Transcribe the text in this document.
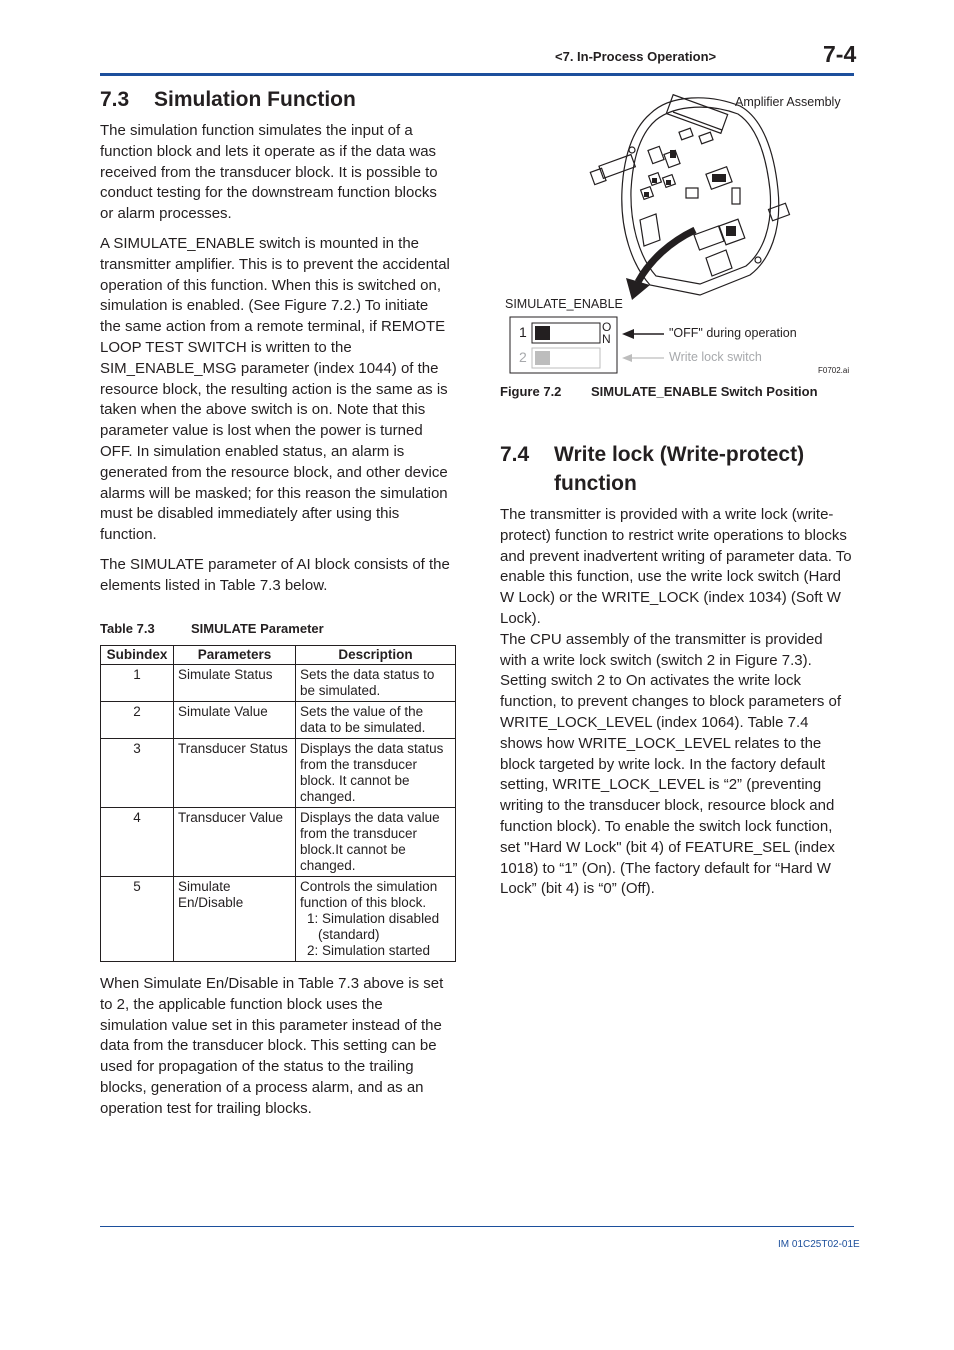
<7. In-Process Operation>	7-4
7.3 Simulation Function

The simulation function simulates the input of a function block and lets it operate as if the data was received from the transducer block. It is possible to conduct testing for the downstream function blocks or alarm processes.

A SIMULATE_ENABLE switch is mounted in the transmitter amplifier. This is to prevent the accidental operation of this function. When this is switched on, simulation is enabled. (See Figure 7.2.) To initiate the same action from a remote terminal, if REMOTE LOOP TEST SWITCH is written to the SIM_ENABLE_MSG parameter (index 1044) of the resource block, the resulting action is the same as is taken when the above switch is on. Note that this parameter value is lost when the power is turned OFF. In simulation enabled status, an alarm is generated from the resource block, and other device alarms will be masked; for this reason the simulation must be disabled immediately after using this function.

The SIMULATE parameter of AI block consists of the elements listed in Table 7.3 below.

Table 7.3	SIMULATE Parameter
Subindex	Parameters	Description
1	Simulate Status	Sets the data status to be simulated.
2	Simulate Value	Sets the value of the data to be simulated.
3	Transducer Status	Displays the data status from the transducer block. It cannot be changed.
4	Transducer Value	Displays the data value from the transducer block.It cannot be changed.
5	Simulate En/Disable	Controls the simulation function of this block.
1: Simulation disabled
(standard)
2: Simulation started

When Simulate En/Disable in Table 7.3 above is set to 2, the applicable function block uses the simulation value set in this parameter instead of the data from the transducer block. This setting can be used for propagation of the status to the trailing blocks, generation of a process alarm, and as an operation test for trailing blocks.

Amplifier Assembly
SIMULATE_ENABLE
1
2
O
N	"OFF" during operation
Write lock switch
F0702.ai
Figure 7.2 SIMULATE_ENABLE Switch Position
7.4 Write lock (Write-protect) function

The transmitter is provided with a write lock (write-protect) function to restrict write operations to blocks and prevent inadvertent writing of parameter data. To enable this function, use the write lock switch (Hard W Lock) or the WRITE_LOCK (index 1034) (Soft W Lock).

The CPU assembly of the transmitter is provided with a write lock switch (switch 2 in Figure 7.3). Setting switch 2 to On activates the write lock function, to prevent changes to block parameters of WRITE_LOCK_LEVEL (index 1064). Table 7.4 shows how WRITE_LOCK_LEVEL relates to the block targeted by write lock. In the factory default setting, WRITE_LOCK_LEVEL is “2” (preventing writing to the transducer block, resource block and function block). To enable the switch lock function, set "Hard W Lock" (bit 4) of FEATURE_SEL (index 1018) to “1” (On). (The factory default for “Hard W Lock” (bit 4) is “0” (Off).

IM 01C25T02-01E
